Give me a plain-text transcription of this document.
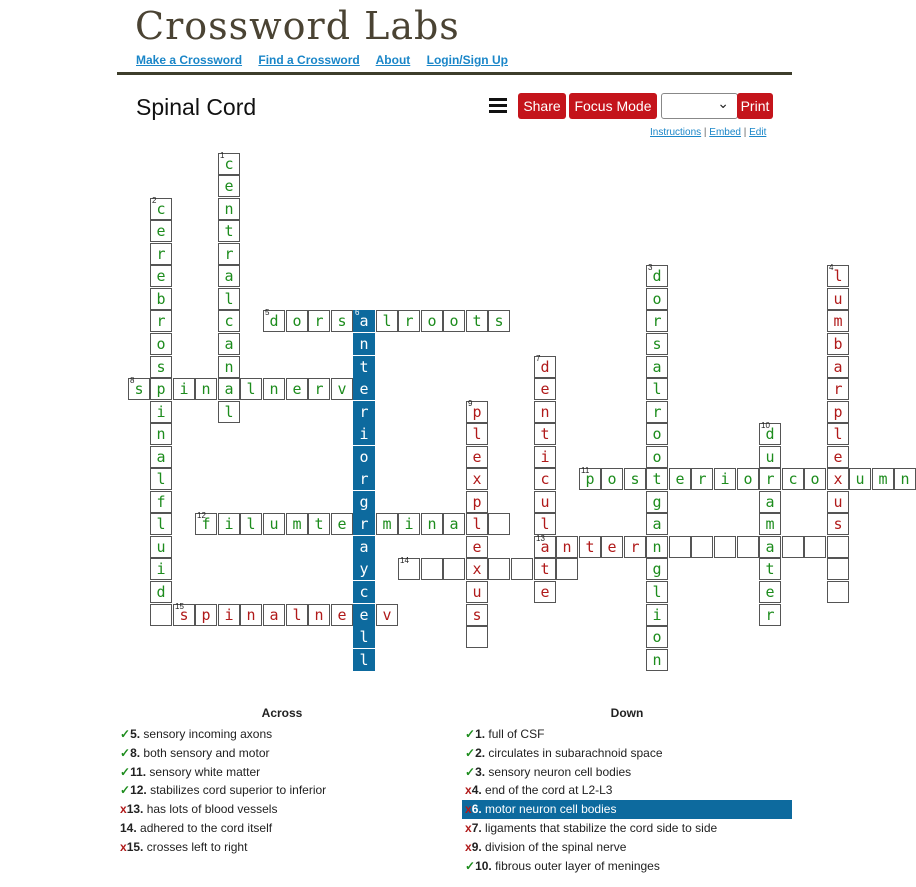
Crossword Labs
Make a Crossword Find a Crossword About Login/Sign Up
Spinal Cord	Share Focus Mode	⌄ Print
Instructions | Embed | Edit
c
1
e
n
t
r
a
l
c
a
n
a
l
c
2
e
r
e
b
r
o
s
p
i
n
a
l
f
l
u
i
d
d
3
o
r
s
a
l
r
o
o
t
g
a
n
g
l
i
o
n
l
4
u
m
b
a
r
p
l
e
x
u
s
d
5	o r s a
6	l r o o t s
n
t
e
r
i
o
r
g
r
a
y
c
e
l
l
d
7
e
n
t
i
c
u
l
a
13
t
e
s
8	i n	l n e r v
p
9
l
e
x
p
l
e
x
u
s
d
10
u
r
a
m
a
t
e
r
p
11	o s	e r i o	c o	u m n
f
12	i l u m t e	m i n a
n t e r
14
s
15	p i n a l n e	v
Across
✓5. sensory incoming axons
✓8. both sensory and motor
✓11. sensory white matter
✓12. stabilizes cord superior to inferior
x13. has lots of blood vessels
14. adhered to the cord itself
x15. crosses left to right
Down
✓1. full of CSF
✓2. circulates in subarachnoid space
✓3. sensory neuron cell bodies
x4. end of the cord at L2-L3
x6. motor neuron cell bodies
x7. ligaments that stabilize the cord side to side
x9. division of the spinal nerve
✓10. fibrous outer layer of meninges
